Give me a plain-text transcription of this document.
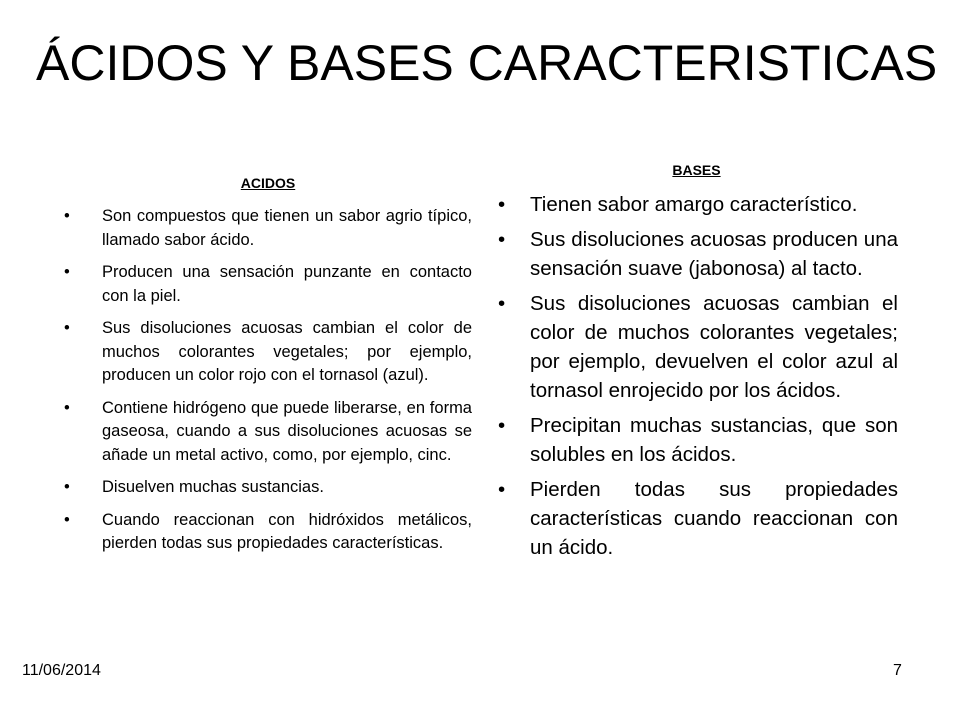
ÁCIDOS Y BASES CARACTERISTICAS
ACIDOS
• Son compuestos que tienen un sabor agrio típico, llamado sabor ácido.
• Producen una sensación punzante en contacto con la piel.
• Sus disoluciones acuosas cambian el color de muchos colorantes vegetales; por ejemplo, producen un color rojo con el tornasol (azul).
• Contiene hidrógeno que puede liberarse, en forma gaseosa, cuando a sus disoluciones acuosas se añade un metal activo, como, por ejemplo, cinc.
• Disuelven muchas sustancias.
• Cuando reaccionan con hidróxidos metálicos, pierden todas sus propiedades características.
BASES
• Tienen sabor amargo característico.
• Sus disoluciones acuosas producen una sensación suave (jabonosa) al tacto.
• Sus disoluciones acuosas cambian el color de muchos colorantes vegetales; por ejemplo, devuelven el color azul al tornasol enrojecido por los ácidos.
• Precipitan muchas sustancias, que son solubles en los ácidos.
• Pierden todas sus propiedades características cuando reaccionan con un ácido.
11/06/2014	7
